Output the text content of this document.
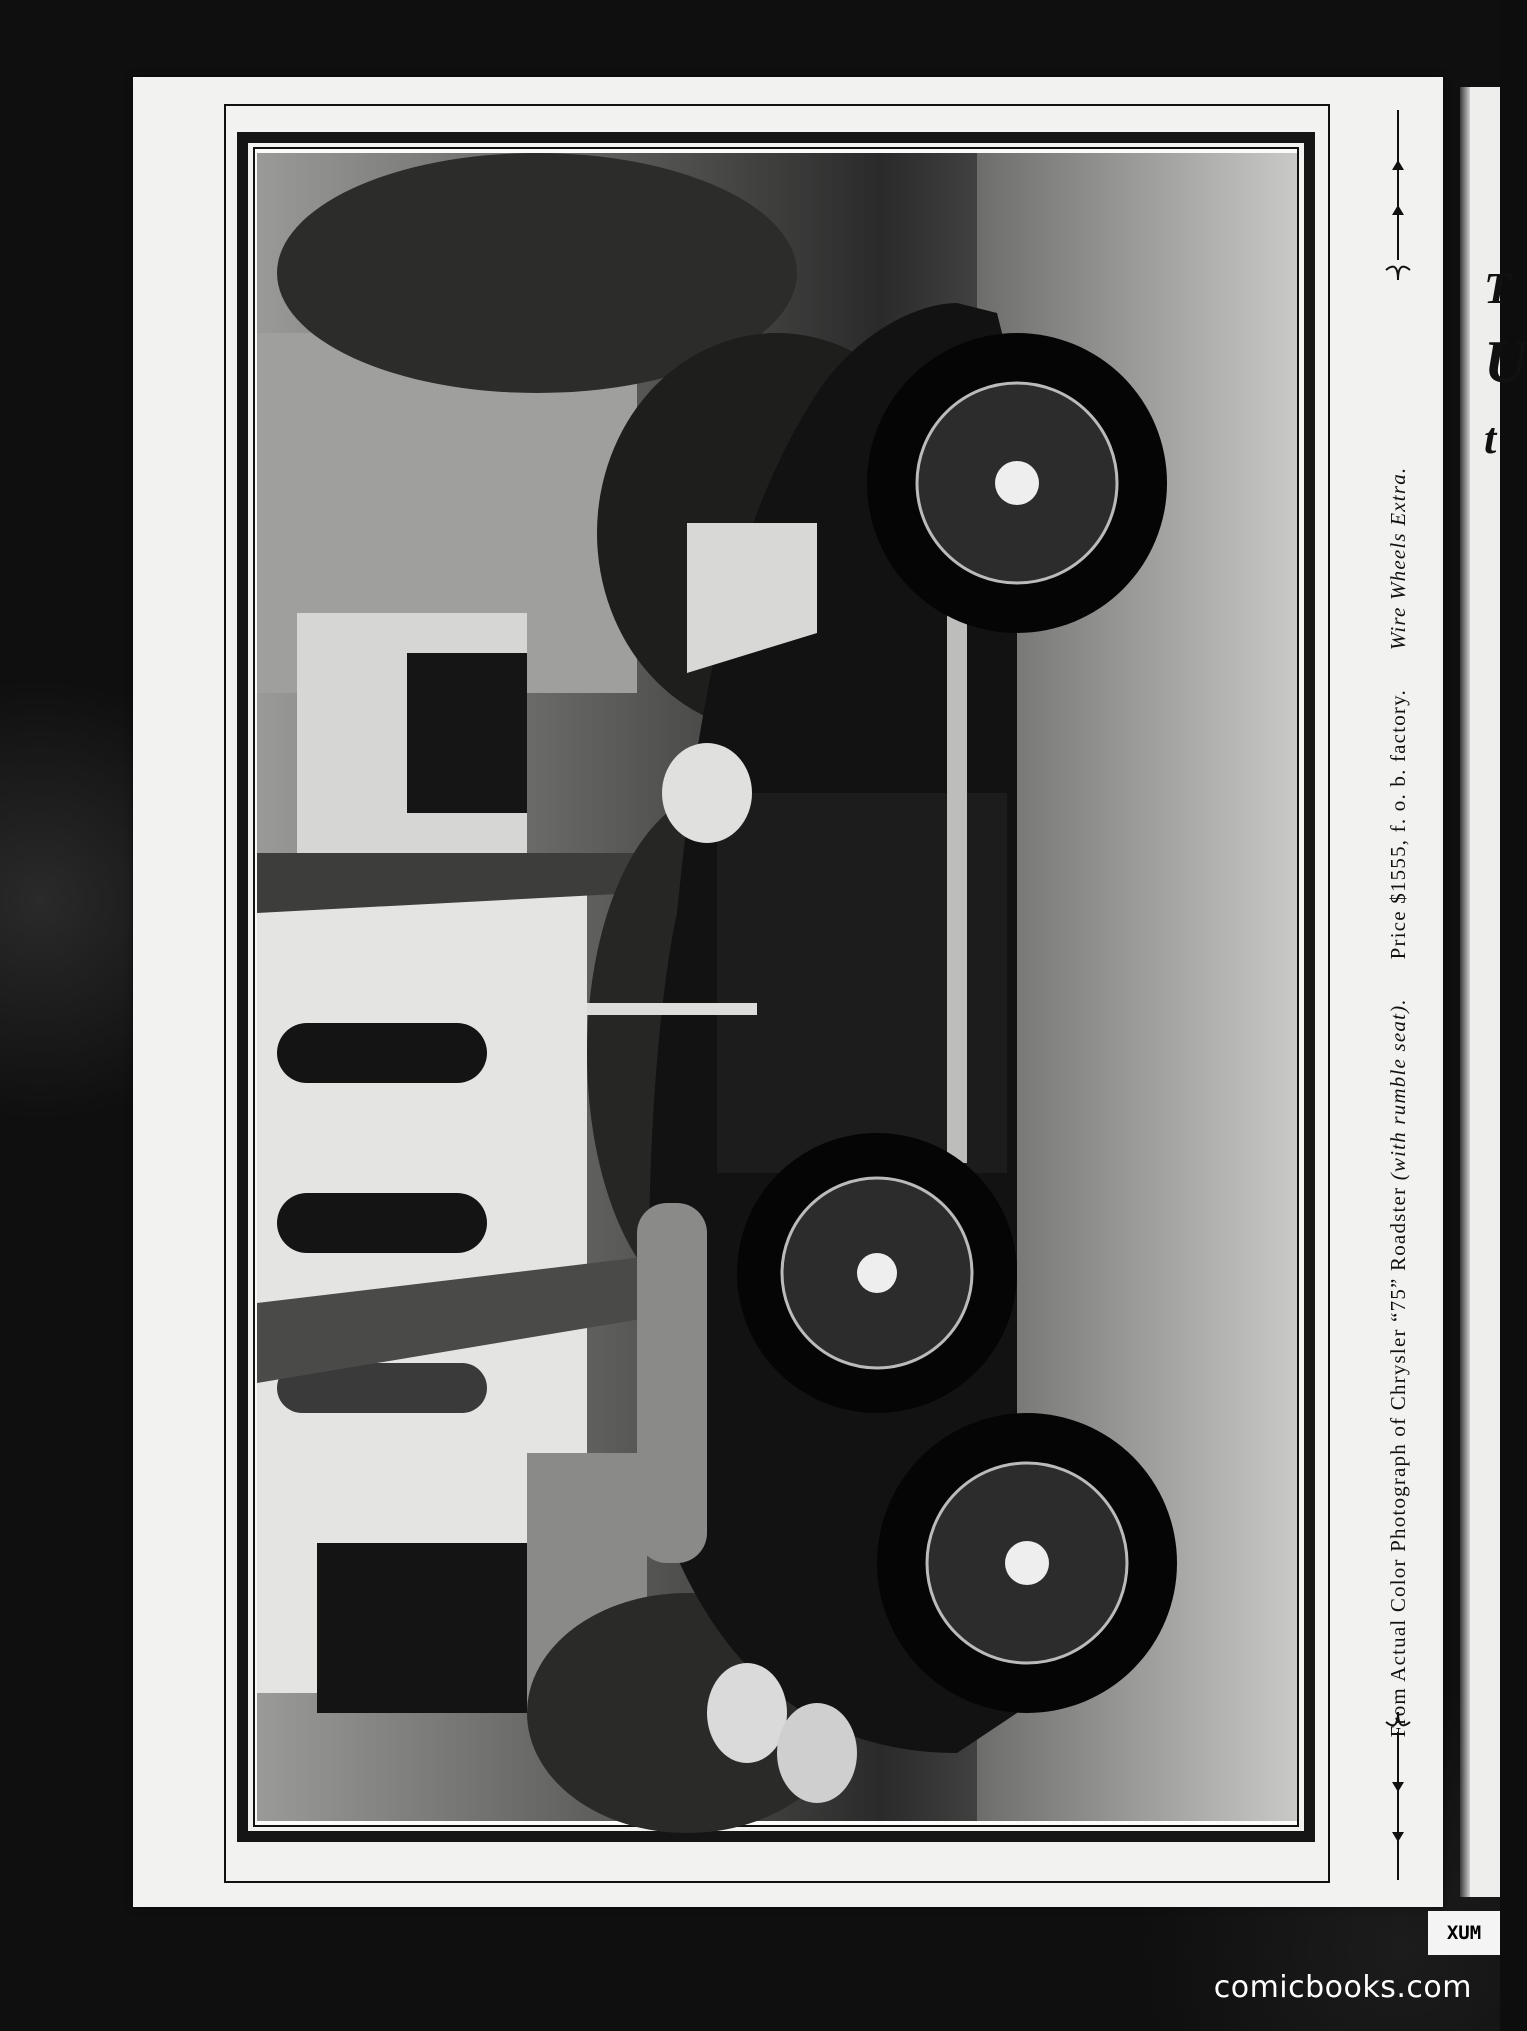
From Actual Color Photograph of Chrysler “75” Roadster (with rumble seat).  Price $1555, f. o. b. factory.  Wire Wheels Extra.
T
U
t
XUM
comicbooks.com
